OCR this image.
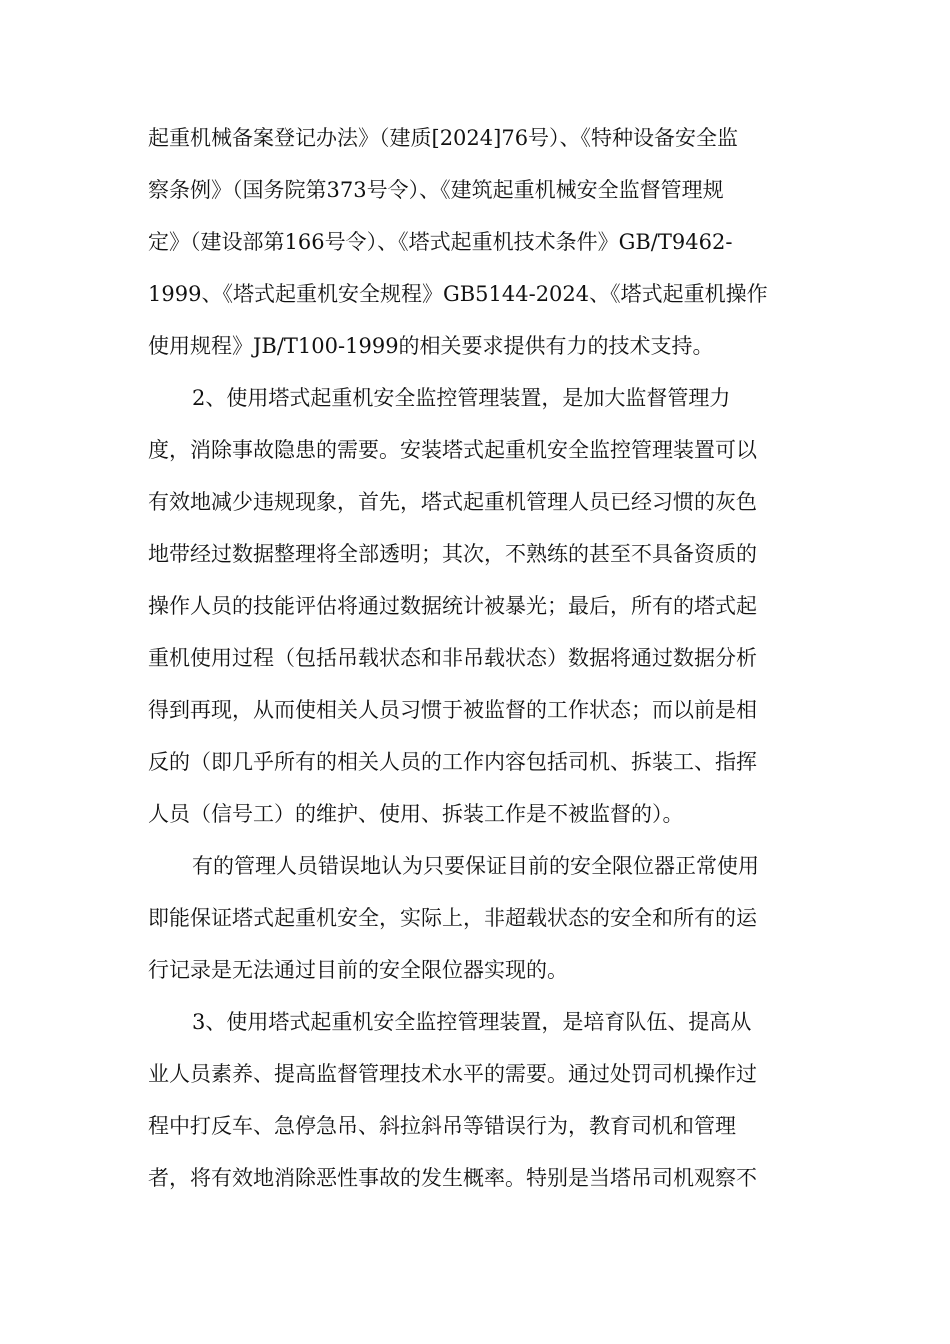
起重机械备案登记办法》（建质[2024]76号）、《特种设备安全监
察条例》（国务院第373号令）、《建筑起重机械安全监督管理规
定》（建设部第166号令）、《塔式起重机技术条件》GB/T9462-
1999、《塔式起重机安全规程》GB5144-2024、《塔式起重机操作
使用规程》JB/T100-1999的相关要求提供有力的技术支持。
2、使用塔式起重机安全监控管理装置，是加大监督管理力
度，消除事故隐患的需要。安装塔式起重机安全监控管理装置可以
有效地减少违规现象，首先，塔式起重机管理人员已经习惯的灰色
地带经过数据整理将全部透明；其次，不熟练的甚至不具备资质的
操作人员的技能评估将通过数据统计被暴光；最后，所有的塔式起
重机使用过程（包括吊载状态和非吊载状态）数据将通过数据分析
得到再现，从而使相关人员习惯于被监督的工作状态；而以前是相
反的（即几乎所有的相关人员的工作内容包括司机、拆装工、指挥
人员（信号工）的维护、使用、拆装工作是不被监督的）。
有的管理人员错误地认为只要保证目前的安全限位器正常使用
即能保证塔式起重机安全，实际上，非超载状态的安全和所有的运
行记录是无法通过目前的安全限位器实现的。
3、使用塔式起重机安全监控管理装置，是培育队伍、提高从
业人员素养、提高监督管理技术水平的需要。通过处罚司机操作过
程中打反车、急停急吊、斜拉斜吊等错误行为，教育司机和管理
者，将有效地消除恶性事故的发生概率。特别是当塔吊司机观察不
